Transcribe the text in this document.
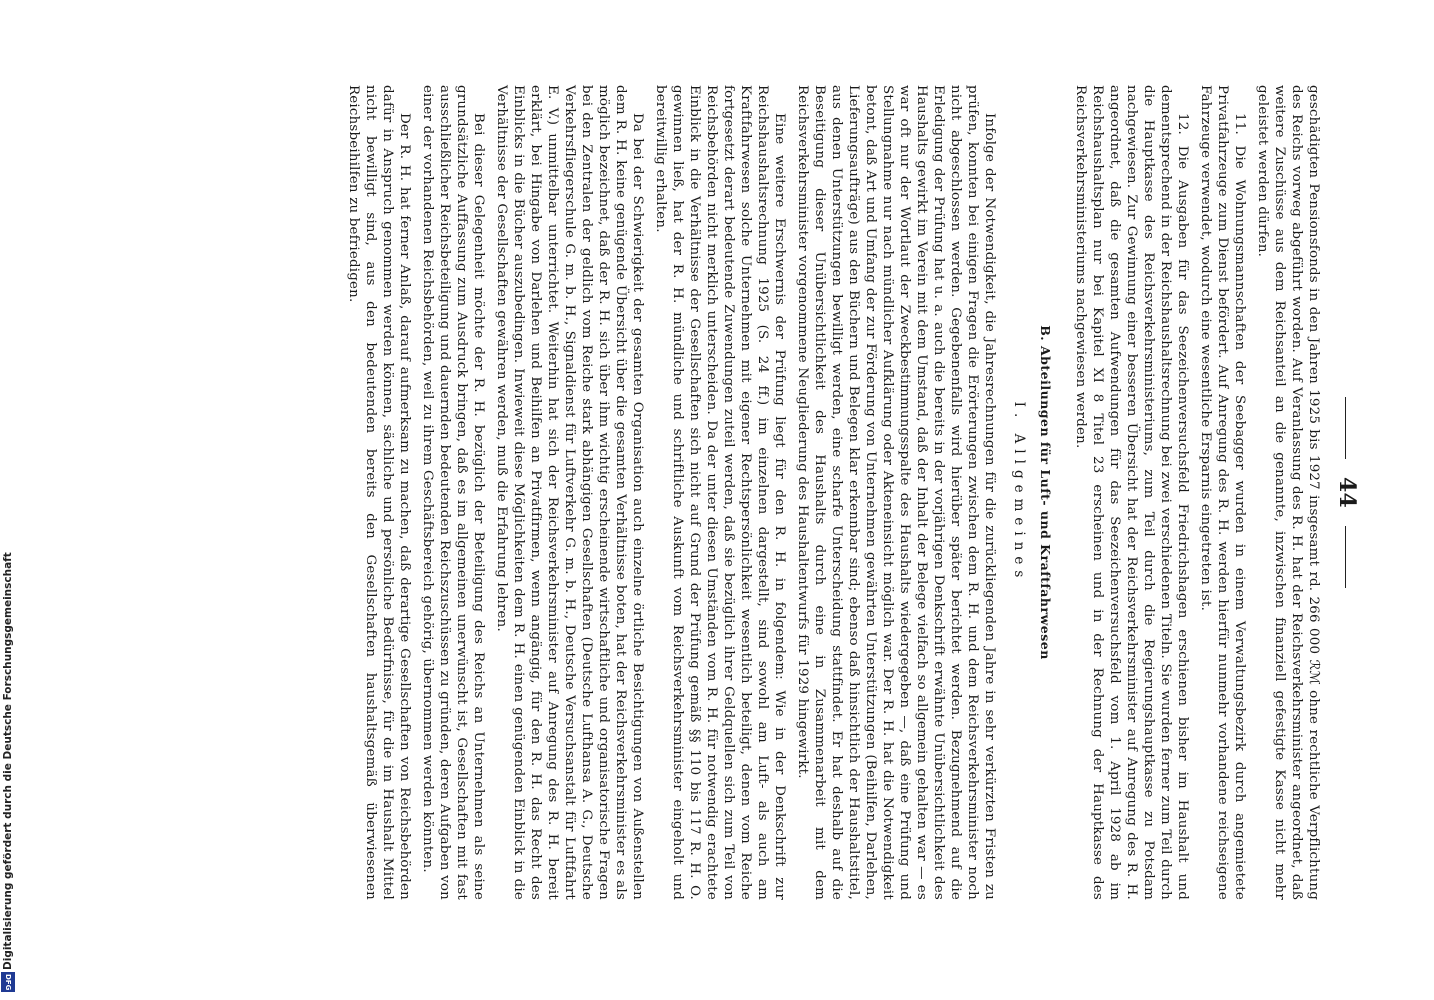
44

geschädigten Pensionsfonds in den Jahren 1925 bis 1927 insgesamt rd. 266 000 ℛℳ ohne rechtliche Verpflichtung des Reichs vorweg abgeführt worden. Auf Veranlassung des R. H. hat der Reichsverkehrsminister angeordnet, daß weitere Zuschüsse aus dem Reichsanteil an die genannte, inzwischen finanziell gefestigte Kasse nicht mehr geleistet werden dürfen.

11. Die Wohnungsmannschaften der Seebagger wurden in einem Verwaltungsbezirk durch angemietete Privatfahrzeuge zum Dienst befördert. Auf Anregung des R. H. werden hierfür nunmehr vorhandene reichseigene Fahrzeuge verwendet, wodurch eine wesentliche Ersparnis eingetreten ist.

12. Die Ausgaben für das Seezeichenversuchsfeld Friedrichshagen erschienen bisher im Haushalt und dementsprechend in der Reichshaushaltsrechnung bei zwei verschiedenen Titeln. Sie wurden ferner zum Teil durch die Hauptkasse des Reichsverkehrsministeriums, zum Teil durch die Regierungshauptkasse zu Potsdam nachgewiesen. Zur Gewinnung einer besseren Übersicht hat der Reichsverkehrsminister auf Anregung des R. H. angeordnet, daß die gesamten Aufwendungen für das Seezeichenversuchsfeld vom 1. April 1928 ab im Reichshaushaltsplan nur bei Kapitel XI 8 Titel 23 erscheinen und in der Rechnung der Hauptkasse des Reichsverkehrsministeriums nachgewiesen werden.

B. Abteilungen für Luft- und Kraftfahrwesen
I. Allgemeines

Infolge der Notwendigkeit, die Jahresrechnungen für die zurückliegenden Jahre in sehr verkürzten Fristen zu prüfen, konnten bei einigen Fragen die Erörterungen zwischen dem R. H. und dem Reichsverkehrsminister noch nicht abgeschlossen werden. Gegebenenfalls wird hierüber später berichtet werden. Bezugnehmend auf die Erledigung der Prüfung hat u. a. auch die bereits in der vorjährigen Denkschrift erwähnte Unübersichtlichkeit des Haushalts gewirkt im Verein mit dem Umstand, daß der Inhalt der Belege vielfach so allgemein gehalten war — es war oft nur der Wortlaut der Zweckbestimmungsspalte des Haushalts wiedergegeben —, daß eine Prüfung und Stellungnahme nur nach mündlicher Aufklärung oder Akteneinsicht möglich war. Der R. H. hat die Notwendigkeit betont, daß Art und Umfang der zur Förderung von Unternehmen gewährten Unterstützungen (Beihilfen, Darlehen, Lieferungsaufträge) aus den Büchern und Belegen klar erkennbar sind; ebenso daß hinsichtlich der Haushaltstitel, aus denen Unterstützungen bewilligt werden, eine scharfe Unterscheidung stattfindet. Er hat deshalb auf die Beseitigung dieser Unübersichtlichkeit des Haushalts durch eine in Zusammenarbeit mit dem Reichsverkehrsminister vorgenommene Neugliederung des Haushaltentwurfs für 1929 hingewirkt.

Eine weitere Erschwernis der Prüfung liegt für den R. H. in folgendem: Wie in der Denkschrift zur Reichshaushaltsrechnung 1925 (S. 24 ff.) im einzelnen dargestellt, sind sowohl am Luft- als auch am Kraftfahrwesen solche Unternehmen mit eigener Rechtspersönlichkeit wesentlich beteiligt, denen vom Reiche fortgesetzt derart bedeutende Zuwendungen zuteil werden, daß sie bezüglich ihrer Geldquellen sich zum Teil von Reichsbehörden nicht merklich unterscheiden. Da der unter diesen Umständen vom R. H. für notwendig erachtete Einblick in die Verhältnisse der Gesellschaften sich nicht auf Grund der Prüfung gemäß §§ 110 bis 117 R. H. O. gewinnen ließ, hat der R. H. mündliche und schriftliche Auskunft vom Reichsverkehrsminister eingeholt und bereitwillig erhalten.

Da bei der Schwierigkeit der gesamten Organisation auch einzelne örtliche Besichtigungen von Außenstellen dem R. H. keine genügende Übersicht über die gesamten Verhältnisse boten, hat der Reichsverkehrsminister es als möglich bezeichnet, daß der R. H. sich über ihm wichtig erscheinende wirtschaftliche und organisatorische Fragen bei den Zentralen der geldlich vom Reiche stark abhängigen Gesellschaften (Deutsche Lufthansa A. G., Deutsche Verkehrsfliegerschule G. m. b. H., Signaldienst für Luftverkehr G. m. b. H., Deutsche Versuchsanstalt für Luftfahrt E. V.) unmittelbar unterrichtet. Weiterhin hat sich der Reichsverkehrsminister auf Anregung des R. H. bereit erklärt, bei Hingabe von Darlehen und Beihilfen an Privatfirmen, wenn angängig, für den R. H. das Recht des Einblicks in die Bücher auszubedingen. Inwieweit diese Möglichkeiten dem R. H. einen genügenden Einblick in die Verhältnisse der Gesellschaften gewähren werden, muß die Erfahrung lehren.

Bei dieser Gelegenheit möchte der R. H. bezüglich der Beteiligung des Reichs an Unternehmen als seine grundsätzliche Auffassung zum Ausdruck bringen, daß es im allgemeinen unerwünscht ist, Gesellschaften mit fast ausschließlicher Reichsbeteiligung und dauernden bedeutenden Reichszuschüssen zu gründen, deren Aufgaben von einer der vorhandenen Reichsbehörden, weil zu ihrem Geschäftsbereich gehörig, übernommen werden könnten.

Der R. H. hat ferner Anlaß, darauf aufmerksam zu machen, daß derartige Gesellschaften von Reichsbehörden dafür in Anspruch genommen werden können, sächliche und persönliche Bedürfnisse, für die im Haushalt Mittel nicht bewilligt sind, aus den bedeutenden bereits den Gesellschaften haushaltsgemäß überwiesenen Reichsbeihilfen zu befriedigen.

Digitalisierung gefördert durch die Deutsche Forschungsgemeinschaft
DFG
